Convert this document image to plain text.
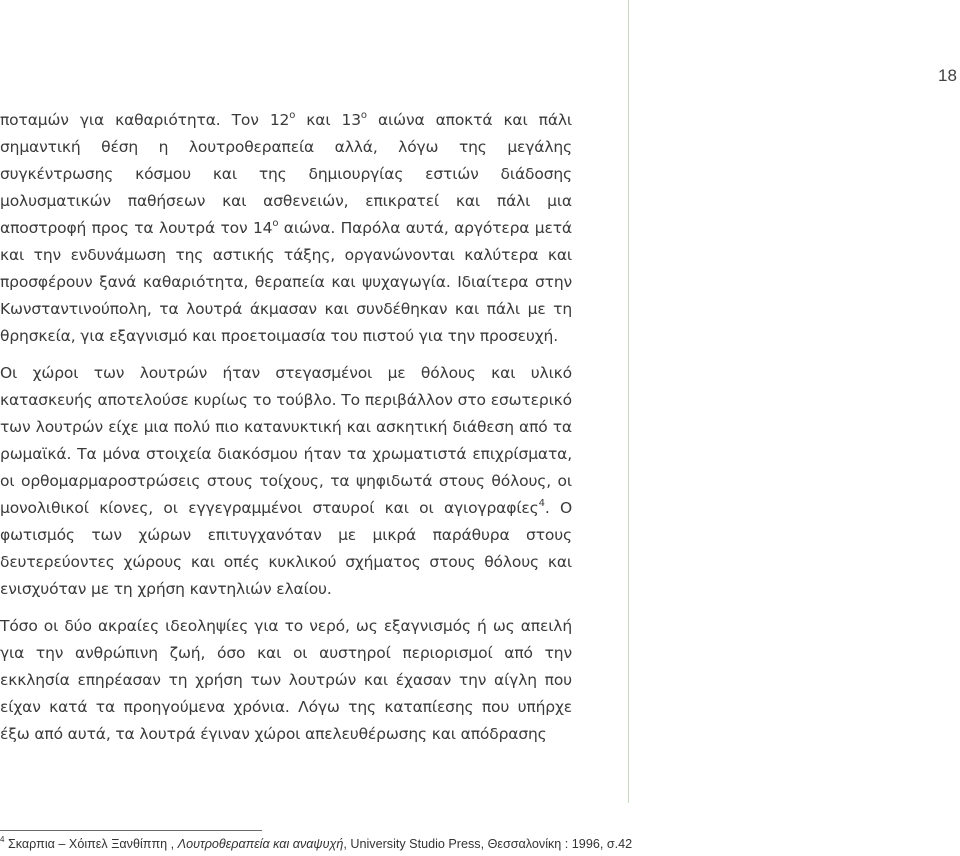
18

ποταμών για καθαριότητα. Τον $12^o$ και $13^o$ αιώνα αποκτά και πάλι σημαντική θέση η λουτροθεραπεία αλλά, λόγω της μεγάλης συγκέντρωσης κόσμου και της δημιουργίας εστιών διάδοσης μολυσματικών παθήσεων και ασθενειών, επικρατεί και πάλι μια αποστροφή προς τα λουτρά τον $14^o$ αιώνα. Παρόλα αυτά, αργότερα μετά και την ενδυνάμωση της αστικής τάξης, οργανώνονται καλύτερα και προσφέρουν ξανά καθαριότητα, θεραπεία και ψυχαγωγία. Ιδιαίτερα στην Κωνσταντινούπολη, τα λουτρά άκμασαν και συνδέθηκαν και πάλι με τη θρησκεία, για εξαγνισμό και προετοιμασία του πιστού για την προσευχή.

Οι χώροι των λουτρών ήταν στεγασμένοι με θόλους και υλικό κατασκευής αποτελούσε κυρίως το τούβλο. Το περιβάλλον στο εσωτερικό των λουτρών είχε μια πολύ πιο κατανυκτική και ασκητική διάθεση από τα ρωμαϊκά. Τα μόνα στοιχεία διακόσμου ήταν τα χρωματιστά επιχρίσματα, οι ορθομαρμαροστρώσεις στους τοίχους, τα ψηφιδωτά στους θόλους, οι μονολιθικοί κίονες, οι εγγεγραμμένοι σταυροί και οι αγιογραφίες$^4$. Ο φωτισμός των χώρων επιτυγχανόταν με μικρά παράθυρα στους δευτερεύοντες χώρους και οπές κυκλικού σχήματος στους θόλους και ενισχυόταν με τη χρήση καντηλιών ελαίου.

Τόσο οι δύο ακραίες ιδεοληψίες για το νερό, ως εξαγνισμός ή ως απειλή για την ανθρώπινη ζωή, όσο και οι αυστηροί περιορισμοί από την εκκλησία επηρέασαν τη χρήση των λουτρών και έχασαν την αίγλη που είχαν κατά τα προηγούμενα χρόνια. Λόγω της καταπίεσης που υπήρχε έξω από αυτά, τα λουτρά έγιναν χώροι απελευθέρωσης και απόδρασης

$^4$ Σκαρπια – Χόιπελ Ξανθίππη , Λουτροθεραπεία και αναψυχή, University Studio Press, Θεσσαλονίκη : 1996, σ.42
